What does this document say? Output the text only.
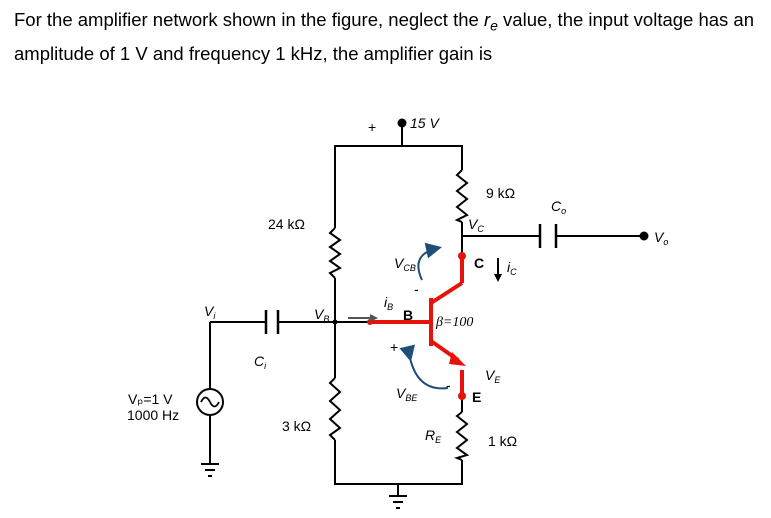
For the amplifier network shown in the figure, neglect the $r_e$ value, the input voltage has an amplitude of 1 V and frequency 1 kHz, the amplifier gain is
+ 15 V
24 kΩ
3 kΩ
9 kΩ
1 kΩ
$R_E$
Vₚ=1 V
1000 Hz
$V_i$
$C_i$
$V_B$
$i_B$ B β=100
$V_{CB}$
$V_{BE}$
+
-
-
$V_C$
C $i_C$
$V_E$
E
$C_o$
$V_o$
